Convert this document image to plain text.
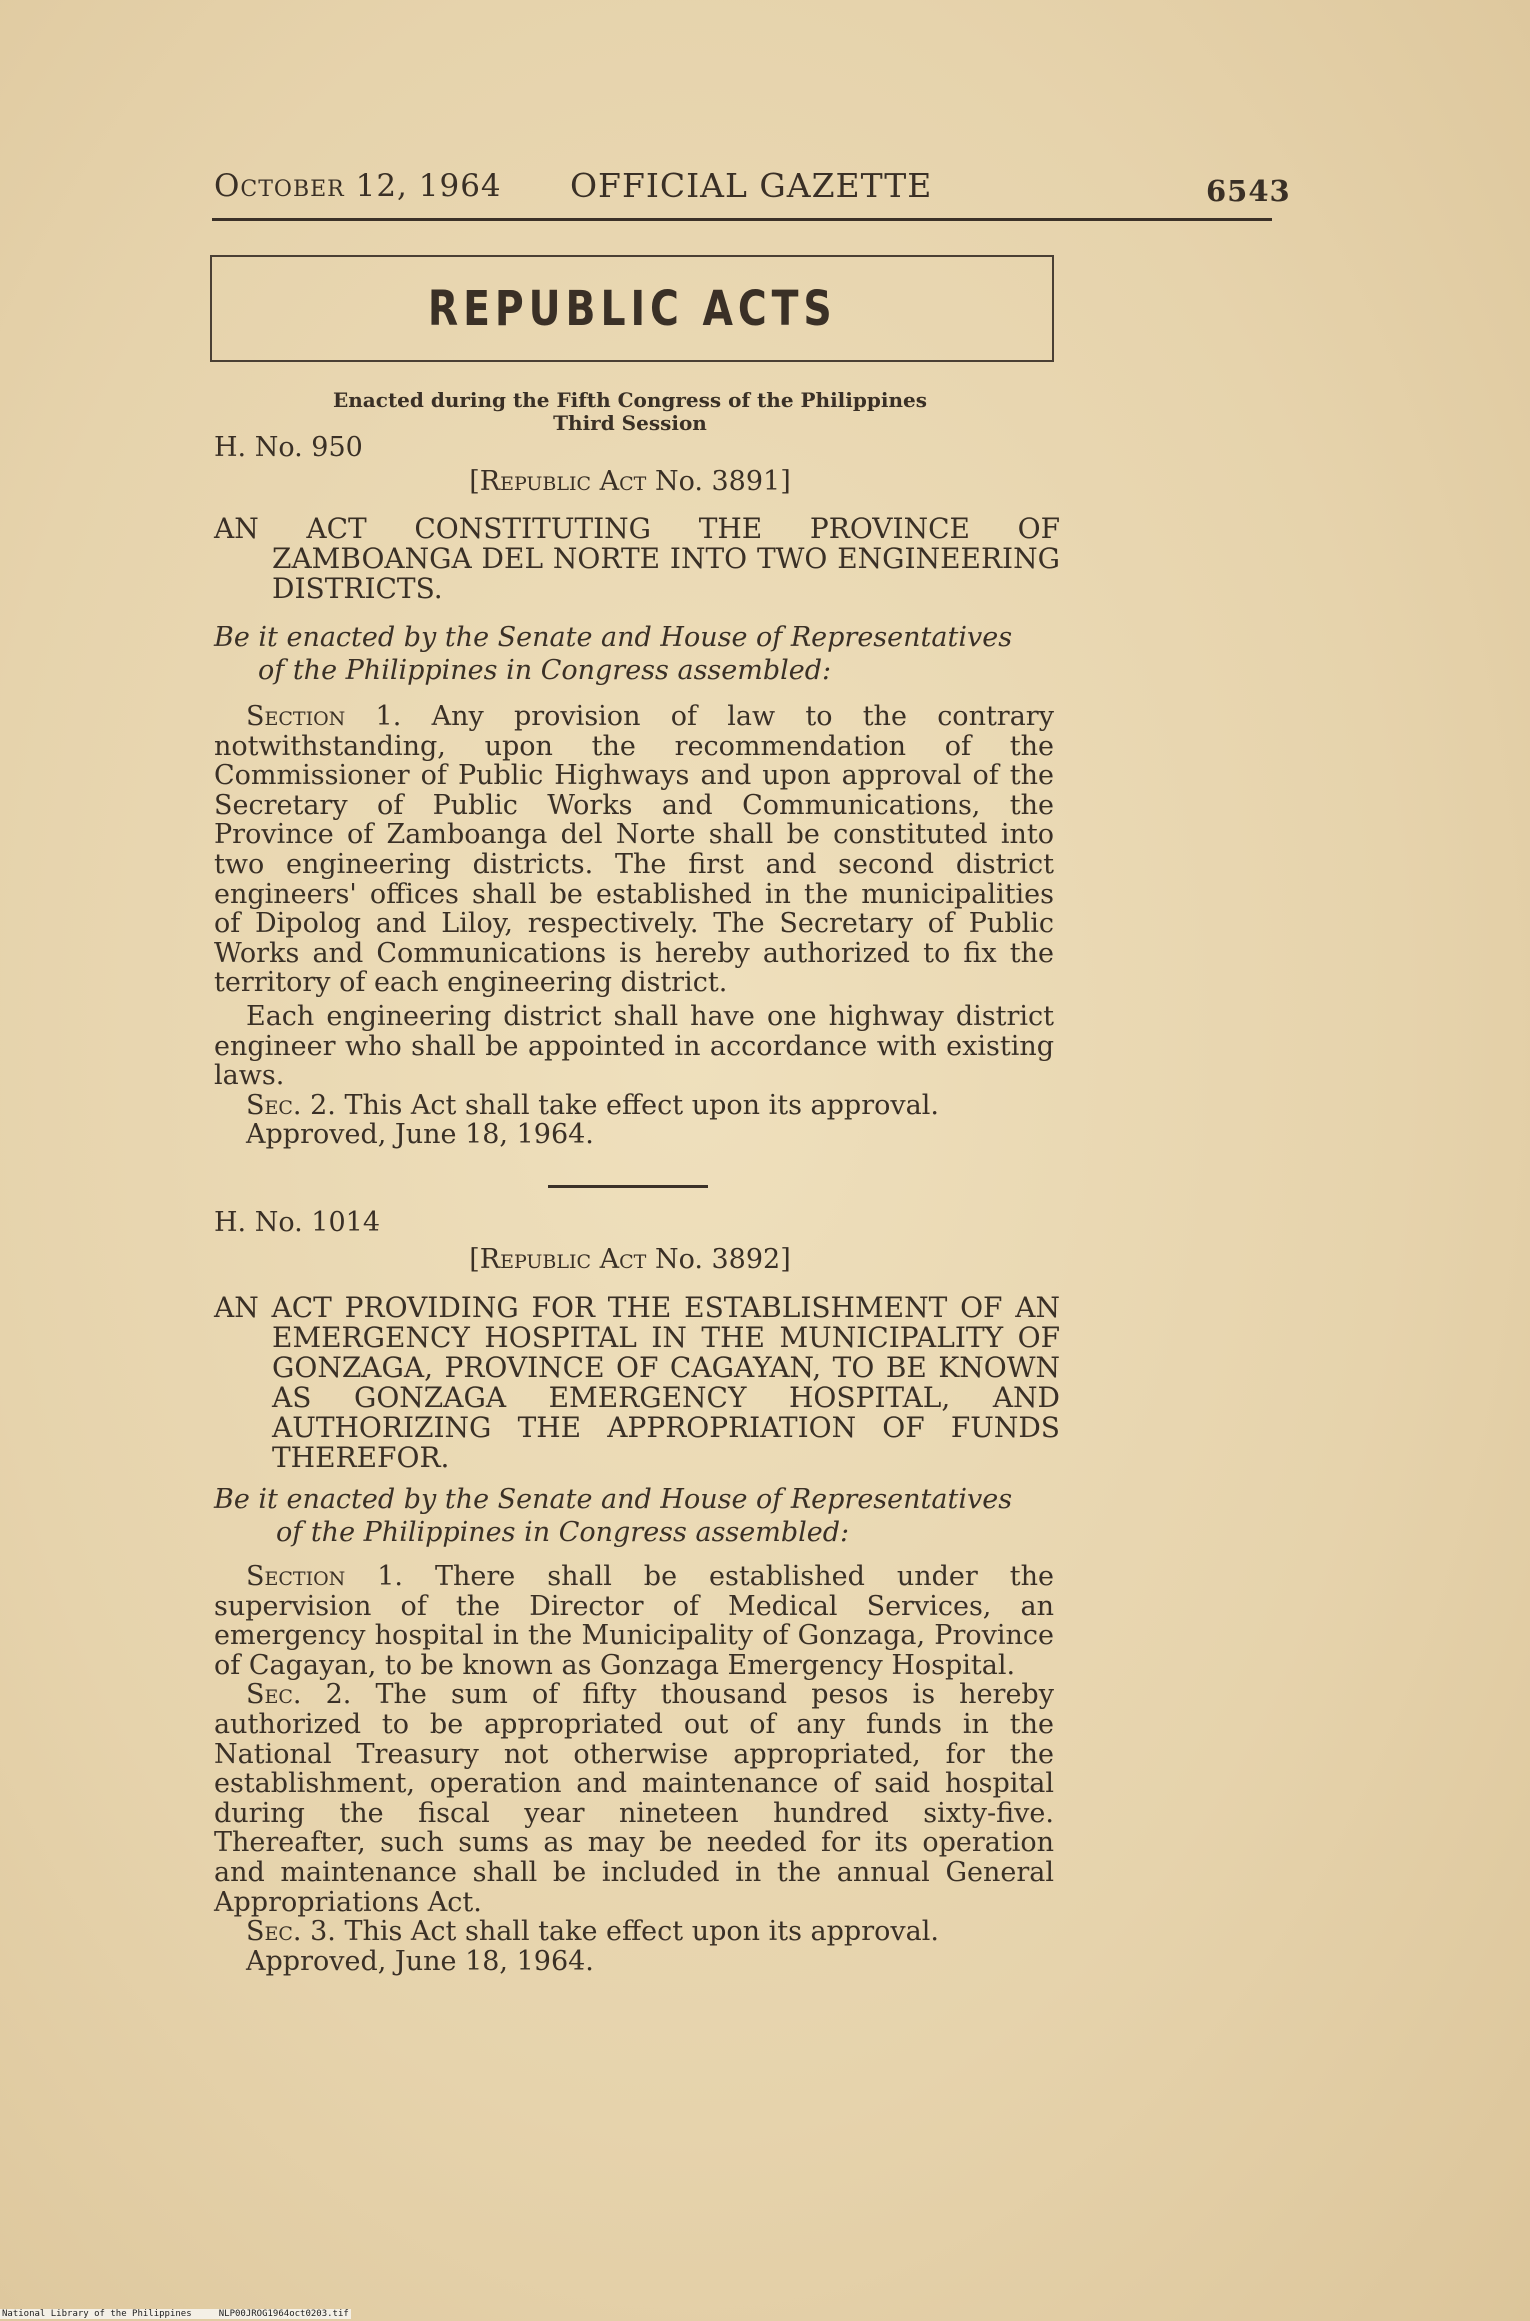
October 12, 1964 OFFICIAL GAZETTE	6543
REPUBLIC ACTS
Enacted during the Fifth Congress of the Philippines
Third Session
H. No. 950
[Republic Act No. 3891]
AN ACT CONSTITUTING THE PROVINCE OF ZAMBOANGA DEL NORTE INTO TWO ENGINEERING DISTRICTS.
Be it enacted by the Senate and House of Representatives
of the Philippines in Congress assembled:

Section 1. Any provision of law to the contrary notwithstanding, upon the recommendation of the Commissioner of Public Highways and upon approval of the Secretary of Public Works and Communications, the Province of Zamboanga del Norte shall be constituted into two engineering districts. The first and second district engineers' offices shall be established in the municipalities of Dipolog and Liloy, respectively. The Secretary of Public Works and Communications is hereby authorized to fix the territory of each engineering district.

Each engineering district shall have one highway district engineer who shall be appointed in accordance with existing laws.

Sec. 2. This Act shall take effect upon its approval.

Approved, June 18, 1964.

H. No. 1014
[Republic Act No. 3892]
AN ACT PROVIDING FOR THE ESTABLISHMENT OF AN EMERGENCY HOSPITAL IN THE MUNICIPALITY OF GONZAGA, PROVINCE OF CAGAYAN, TO BE KNOWN AS GONZAGA EMERGENCY HOSPITAL, AND AUTHORIZING THE APPROPRIATION OF FUNDS THEREFOR.
Be it enacted by the Senate and House of Representatives
of the Philippines in Congress assembled:

Section 1. There shall be established under the supervision of the Director of Medical Services, an emergency hospital in the Municipality of Gonzaga, Province of Cagayan, to be known as Gonzaga Emergency Hospital.

Sec. 2. The sum of fifty thousand pesos is hereby authorized to be appropriated out of any funds in the National Treasury not otherwise appropriated, for the establishment, operation and maintenance of said hospital during the fiscal year nineteen hundred sixty-five. Thereafter, such sums as may be needed for its operation and maintenance shall be included in the annual General Appropriations Act.

Sec. 3. This Act shall take effect upon its approval.

Approved, June 18, 1964.

National Library of the Philippines	NLP00JROG1964oct0203.tif
